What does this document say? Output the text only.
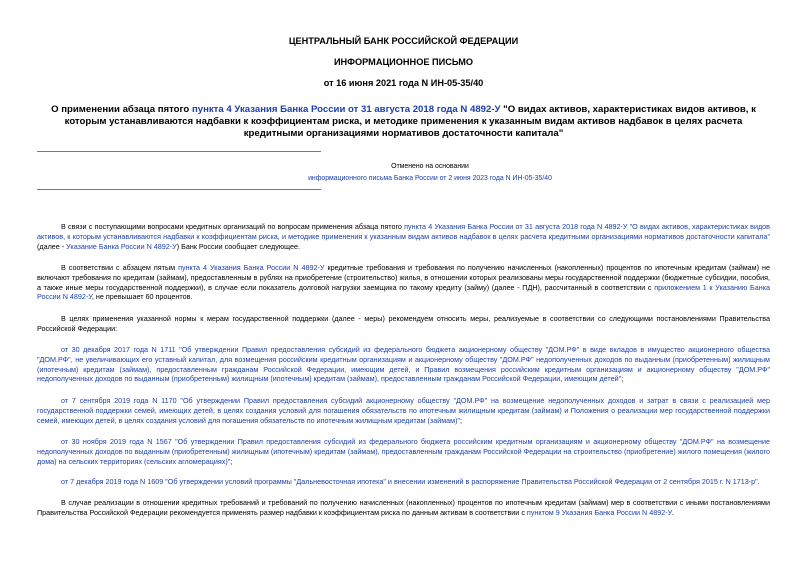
ЦЕНТРАЛЬНЫЙ БАНК РОССИЙСКОЙ ФЕДЕРАЦИИ
ИНФОРМАЦИОННОЕ ПИСЬМО
от 16 июня 2021 года N ИН-05-35/40
О применении абзаца пятого пункта 4 Указания Банка России от 31 августа 2018 года N 4892-У "О видах активов, характеристиках видов активов, к которым устанавливаются надбавки к коэффициентам риска, и методике применения к указанным видам активов надбавок в целях расчета кредитными организациями нормативов достаточности капитала"
Отменено на основании
информационного письма Банка России от 2 июня 2023 года N ИН-05-35/40
В связи с поступающими вопросами кредитных организаций по вопросам применения абзаца пятого пункта 4 Указания Банка России от 31 августа 2018 года N 4892-У "О видах активов, характеристиках видов активов, к которым устанавливаются надбавки к коэффициентам риска, и методике применения к указанным видам активов надбавок в целях расчета кредитными организациями нормативов достаточности капитала" (далее - Указание Банка России N 4892-У) Банк России сообщает следующее.
В соответствии с абзацем пятым пункта 4 Указания Банка России N 4892-У кредитные требования и требования по получению начисленных (накопленных) процентов по ипотечным кредитам (займам) не включают требования по кредитам (займам), предоставленным в рублях на приобретение (строительство) жилья, в отношении которых реализованы меры государственной поддержки (бюджетные субсидии, пособия, а также иные меры государственной поддержки), в случае если показатель долговой нагрузки заемщика по такому кредиту (займу) (далее - ПДН), рассчитанный в соответствии с приложением 1 к Указанию Банка России N 4892-У, не превышает 60 процентов.
В целях применения указанной нормы к мерам государственной поддержки (далее - меры) рекомендуем относить меры, реализуемые в соответствии со следующими постановлениями Правительства Российской Федерации:
от 30 декабря 2017 года N 1711 "Об утверждении Правил предоставления субсидий из федерального бюджета акционерному обществу "ДОМ.РФ" в виде вкладов в имущество акционерного общества "ДОМ.РФ", не увеличивающих его уставный капитал, для возмещения российским кредитным организациям и акционерному обществу "ДОМ.РФ" недополученных доходов по выданным (приобретенным) жилищным (ипотечным) кредитам (займам), предоставленным гражданам Российской Федерации, имеющим детей, и Правил возмещения российским кредитным организациям и акционерному обществу "ДОМ.РФ" недополученных доходов по выданным (приобретенным) жилищным (ипотечным) кредитам (займам), предоставленным гражданам Российской Федерации, имеющим детей";
от 7 сентября 2019 года N 1170 "Об утверждении Правил предоставления субсидий акционерному обществу "ДОМ.РФ" на возмещение недополученных доходов и затрат в связи с реализацией мер государственной поддержки семей, имеющих детей, в целях создания условий для погашения обязательств по ипотечным жилищным кредитам (займам) и Положения о реализации мер государственной поддержки семей, имеющих детей, в целях создания условий для погашения обязательств по ипотечным жилищным кредитам (займам)";
от 30 ноября 2019 года N 1567 "Об утверждении Правил предоставления субсидий из федерального бюджета российским кредитным организациям и акционерному обществу "ДОМ.РФ" на возмещение недополученных доходов по выданным (приобретенным) жилищным (ипотечным) кредитам (займам), предоставленным гражданам Российской Федерации на строительство (приобретение) жилого помещения (жилого дома) на сельских территориях (сельских агломерациях)";
от 7 декабря 2019 года N 1609 "Об утверждении условий программы "Дальневосточная ипотека" и внесении изменений в распоряжение Правительства Российской Федерации от 2 сентября 2015 г. N 1713-р".
В случае реализации в отношении кредитных требований и требований по получению начисленных (накопленных) процентов по ипотечным кредитам (займам) мер в соответствии с иными постановлениями Правительства Российской Федерации рекомендуется применять размер надбавки к коэффициентам риска по данным активам в соответствии с пунктом 9 Указания Банка России N 4892-У.
